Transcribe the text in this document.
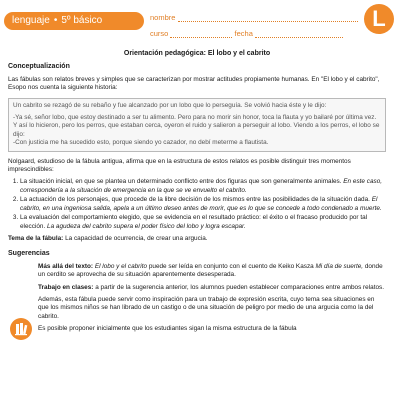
lenguaje • 5º básico	nombre
curso	fecha
L
Orientación pedagógica: El lobo y el cabrito
Conceptualización

Las fábulas son relatos breves y simples que se caracterizan por mostrar actitudes propiamente humanas. En "El lobo y el cabrito", Esopo nos cuenta la siguiente historia:

Un cabrito se rezagó de su rebaño y fue alcanzado por un lobo que lo perseguía. Se volvió hacia éste y le dijo:

-Ya sé, señor lobo, que estoy destinado a ser tu alimento. Pero para no morir sin honor, toca la flauta y yo bailaré por última vez.

Y así lo hicieron, pero los perros, que estaban cerca, oyeron el ruido y salieron a perseguir al lobo. Viendo a los perros, el lobo se dijo:

-Con justicia me ha sucedido esto, porque siendo yo cazador, no debí meterme a flautista.

Nolgaard, estudioso de la fábula antigua, afirma que en la estructura de estos relatos es posible distinguir tres momentos imprescindibles:

1. La situación inicial, en que se plantea un determinado conflicto entre dos figuras que son generalmente animales. En este caso, correspondería a la situación de emergencia en la que se ve envuelto el cabrito.
2. La actuación de los personajes, que procede de la libre decisión de los mismos entre las posibilidades de la situación dada. El cabrito, en una ingeniosa salida, apela a un último deseo antes de morir, que es lo que se concede a todo condenado a muerte.
3. La evaluación del comportamiento elegido, que se evidencia en el resultado práctico: el éxito o el fracaso producido por tal elección. La agudeza del cabrito supera el poder físico del lobo y logra escapar.

Tema de la fábula: La capacidad de ocurrencia, de crear una argucia.

Sugerencias

Más allá del texto: El lobo y el cabrito puede ser leída en conjunto con el cuento de Keiko Kasza Mi día de suerte, donde un cerdito se aprovecha de su situación aparentemente desesperada.

Trabajo en clases: a partir de la sugerencia anterior, los alumnos pueden establecer comparaciones entre ambos relatos.

Además, esta fábula puede servir como inspiración para un trabajo de expresión escrita, cuyo tema sea situaciones en que los mismos niños se han librado de un castigo o de una situación de peligro por medio de una argucia como la del cabrito.

Es posible proponer inicialmente que los estudiantes sigan la misma estructura de la fábula
